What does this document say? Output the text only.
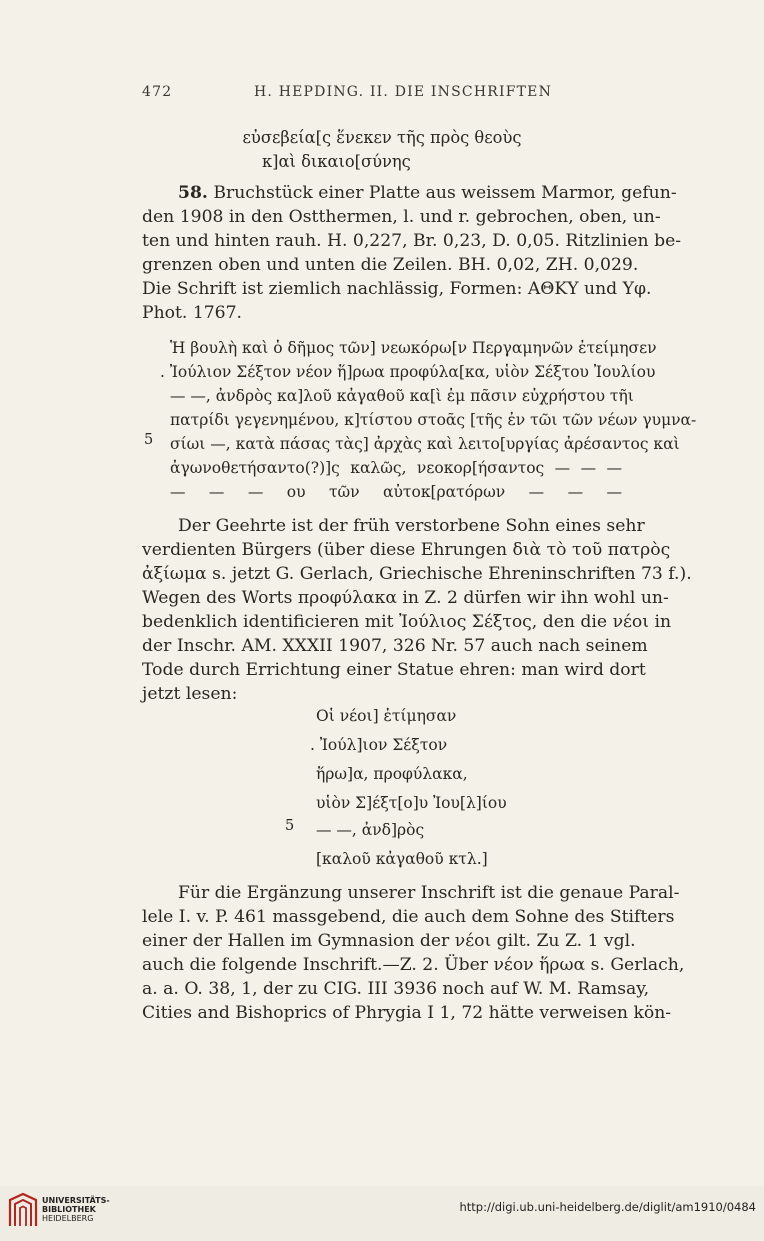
472	H. HEPDING. II. DIE INSCHRIFTEN
εὐσεβεία[ς ἕνεκεν τῆς πρὸς θεοὺς
κ]αὶ δικαιο[σύνης
58. Bruchstück einer Platte aus weissem Marmor, gefun-
den 1908 in den Ostthermen, l. und r. gebrochen, oben, un-
ten und hinten rauh. H. 0,227, Br. 0,23, D. 0,05. Ritzlinien be-
grenzen oben und unten die Zeilen. BH. 0,02, ZH. 0,029.
Die Schrift ist ziemlich nachlässig, Formen: ΑΘΚΥ und Υφ.
Phot. 1767.
Ἡ βουλὴ καὶ ὁ δῆμος τῶν] νεωκόρω[ν Περγαμηνῶν ἐτείμησεν
. Ἰούλιον Σέξτον νέον ἥ]ρωα προφύλα[κα, υἱὸν Σέξτου Ἰουλίου
— —, ἀνδρὸς κα]λοῦ κἀγαθοῦ κα[ὶ ἐμ πᾶσιν εὐχρήστου τῆι
πατρίδι γεγενημένου, κ]τίστου στοᾶς [τῆς ἐν τῶι τῶν νέων γυμνα-
5 σίωι —, κατὰ πάσας τὰς] ἀρχὰς καὶ λειτο[υργίας ἀρέσαντος καὶ
ἀγωνοθετήσαντο(?)]ς καλῶς, νεοκορ[ήσαντος — — —
— — — ου τῶν αὐτοκ[ρατόρων — — —
Der Geehrte ist der früh verstorbene Sohn eines sehr
verdienten Bürgers (über diese Ehrungen διὰ τὸ τοῦ πατρὸς
ἀξίωμα s. jetzt G. Gerlach, Griechische Ehreninschriften 73 f.).
Wegen des Worts προφύλακα in Z. 2 dürfen wir ihn wohl un-
bedenklich identificieren mit Ἰούλιος Σέξτος, den die νέοι in
der Inschr. AM. XXXII 1907, 326 Nr. 57 auch nach seinem
Tode durch Errichtung einer Statue ehren: man wird dort
jetzt lesen:
Οἱ νέοι] ἐτίμησαν
. Ἰούλ]ιον Σέξτον
ἥρω]α, προφύλακα,
υἱὸν Σ]έξτ[ο]υ Ἰου[λ]ίου
5 — —, ἀνδ]ρὸς
[καλοῦ κἀγαθοῦ κτλ.]
Für die Ergänzung unserer Inschrift ist die genaue Paral-
lele I. v. P. 461 massgebend, die auch dem Sohne des Stifters
einer der Hallen im Gymnasion der νέοι gilt. Zu Z. 1 vgl.
auch die folgende Inschrift.—Z. 2. Über νέον ἥρωα s. Gerlach,
a. a. O. 38, 1, der zu CIG. III 3936 noch auf W. M. Ramsay,
Cities and Bishoprics of Phrygia I 1, 72 hätte verweisen kön-
UNIVERSITÄTS-
BIBLIOTHEK
HEIDELBERG
http://digi.ub.uni-heidelberg.de/diglit/am1910/0484
